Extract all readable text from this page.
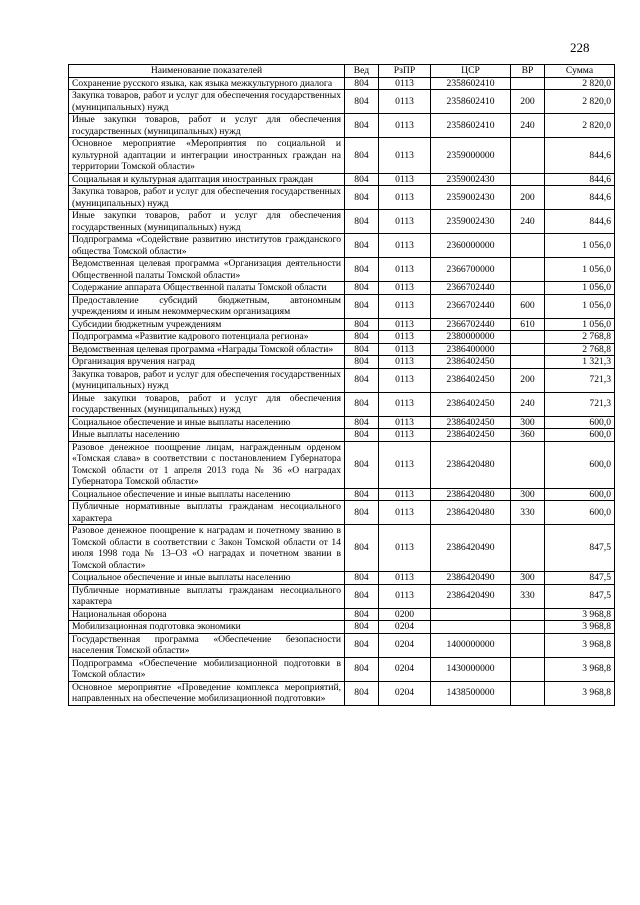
228
Наименование показателей	Вед	РзПР	ЦСР	ВР	Сумма
Сохранение русского языка, как языка межкультурного диалога	804	0113	2358602410		2 820,0
Закупка товаров, работ и услуг для обеспечения государственных (муниципальных) нужд	804	0113	2358602410	200	2 820,0
Иные закупки товаров, работ и услуг для обеспечения государственных (муниципальных) нужд	804	0113	2358602410	240	2 820,0
Основное мероприятие «Мероприятия по социальной и культурной адаптации и интеграции иностранных граждан на территории Томской области»	804	0113	2359000000		844,6
Социальная и культурная адаптация иностранных граждан	804	0113	2359002430		844,6
Закупка товаров, работ и услуг для обеспечения государственных (муниципальных) нужд	804	0113	2359002430	200	844,6
Иные закупки товаров, работ и услуг для обеспечения государственных (муниципальных) нужд	804	0113	2359002430	240	844,6
Подпрограмма «Содействие развитию институтов гражданского общества Томской области»	804	0113	2360000000		1 056,0
Ведомственная целевая программа «Организация деятельности Общественной палаты Томской области»	804	0113	2366700000		1 056,0
Содержание аппарата Общественной палаты Томской области	804	0113	2366702440		1 056,0
Предоставление субсидий бюджетным, автономным учреждениям и иным некоммерческим организациям	804	0113	2366702440	600	1 056,0
Субсидии бюджетным учреждениям	804	0113	2366702440	610	1 056,0
Подпрограмма «Развитие кадрового потенциала региона»	804	0113	2380000000		2 768,8
Ведомственная целевая программа «Награды Томской области»	804	0113	2386400000		2 768,8
Организация вручения наград	804	0113	2386402450		1 321,3
Закупка товаров, работ и услуг для обеспечения государственных (муниципальных) нужд	804	0113	2386402450	200	721,3
Иные закупки товаров, работ и услуг для обеспечения государственных (муниципальных) нужд	804	0113	2386402450	240	721,3
Социальное обеспечение и иные выплаты населению	804	0113	2386402450	300	600,0
Иные выплаты населению	804	0113	2386402450	360	600,0
Разовое денежное поощрение лицам, награжденным орденом «Томская слава» в соответствии с постановлением Губернатора Томской области от 1 апреля 2013 года № 36 «О наградах Губернатора Томской области»	804	0113	2386420480		600,0
Социальное обеспечение и иные выплаты населению	804	0113	2386420480	300	600,0
Публичные нормативные выплаты гражданам несоциального характера	804	0113	2386420480	330	600,0
Разовое денежное поощрение к наградам и почетному званию в Томской области в соответствии с Закон Томской области от 14 июля 1998 года № 13–ОЗ «О наградах и почетном звании в Томской области»	804	0113	2386420490		847,5
Социальное обеспечение и иные выплаты населению	804	0113	2386420490	300	847,5
Публичные нормативные выплаты гражданам несоциального характера	804	0113	2386420490	330	847,5
Национальная оборона	804	0200			3 968,8
Мобилизационная подготовка экономики	804	0204			3 968,8
Государственная программа «Обеспечение безопасности населения Томской области»	804	0204	1400000000		3 968,8
Подпрограмма «Обеспечение мобилизационной подготовки в Томской области»	804	0204	1430000000		3 968,8
Основное мероприятие «Проведение комплекса мероприятий, направленных на обеспечение мобилизационной подготовки»	804	0204	1438500000		3 968,8
